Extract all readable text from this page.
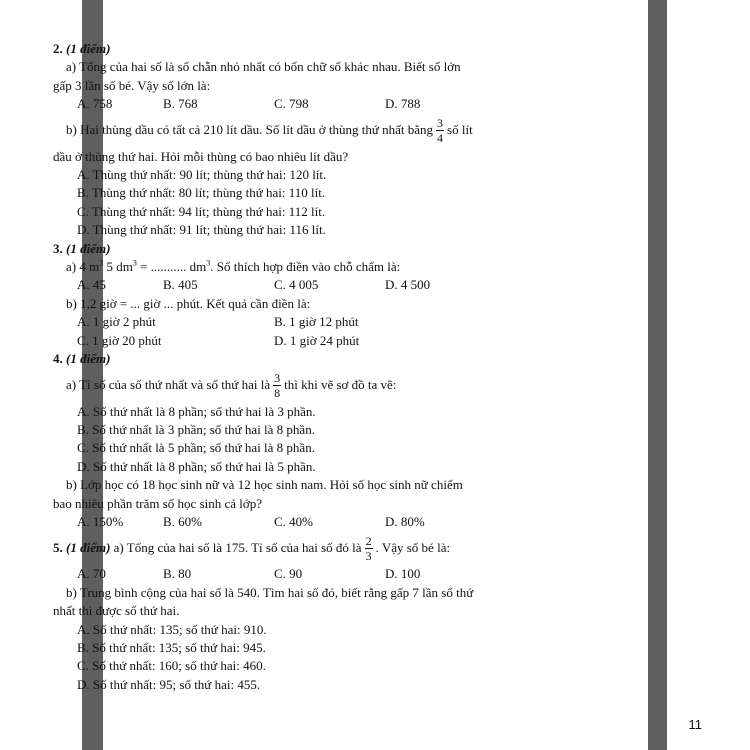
2. (1 điểm)
a) Tổng của hai số là số chẵn nhỏ nhất có bốn chữ số khác nhau. Biết số lớn
gấp 3 lần số bé. Vậy số lớn là:
A. 758	B. 768	C. 798	D. 788
b) Hai thùng dầu có tất cả 210 lít dầu. Số lít dầu ở thùng thứ nhất bằng $\frac{3}{4}$ số lít
dầu ở thùng thứ hai. Hỏi mỗi thùng có bao nhiêu lít dầu?
A. Thùng thứ nhất: 90 lít; thùng thứ hai: 120 lít.
B. Thùng thứ nhất: 80 lít; thùng thứ hai: 110 lít.
C. Thùng thứ nhất: 94 lít; thùng thứ hai: 112 lít.
D. Thùng thứ nhất: 91 lít; thùng thứ hai: 116 lít.
3. (1 điểm)
a) 4 $m^3$ 5 $dm^3$ = ........... $dm^3$. Số thích hợp điền vào chỗ chấm là:
A. 45	B. 405	C. 4 005	D. 4 500
b) 1,2 giờ = ... giờ ... phút. Kết quả cần điền là:
A. 1 giờ 2 phút	B. 1 giờ 12 phút
C. 1 giờ 20 phút	D. 1 giờ 24 phút
4. (1 điểm)
a) Tỉ số của số thứ nhất và số thứ hai là $\frac{3}{8}$ thì khi vẽ sơ đồ ta vẽ:
A. Số thứ nhất là 8 phần; số thứ hai là 3 phần.
B. Số thứ nhất là 3 phần; số thứ hai là 8 phần.
C. Số thứ nhất là 5 phần; số thứ hai là 8 phần.
D. Số thứ nhất là 8 phần; số thứ hai là 5 phần.
b) Lớp học có 18 học sinh nữ và 12 học sinh nam. Hỏi số học sinh nữ chiếm
bao nhiêu phần trăm số học sinh cả lớp?
A. 150%	B. 60%	C. 40%	D. 80%
5. (1 điểm)
a) Tổng của hai số là 175. Tỉ số của hai số đó là $\frac{2}{3}$ . Vậy số bé là:
A. 70	B. 80	C. 90	D. 100
b) Trung bình cộng của hai số là 540. Tìm hai số đó, biết rằng gấp 7 lần số thứ
nhất thì được số thứ hai.
A. Số thứ nhất: 135; số thứ hai: 910.
B. Số thứ nhất: 135; số thứ hai: 945.
C. Số thứ nhất: 160; số thứ hai: 460.
D. Số thứ nhất: 95; số thứ hai: 455.
11
